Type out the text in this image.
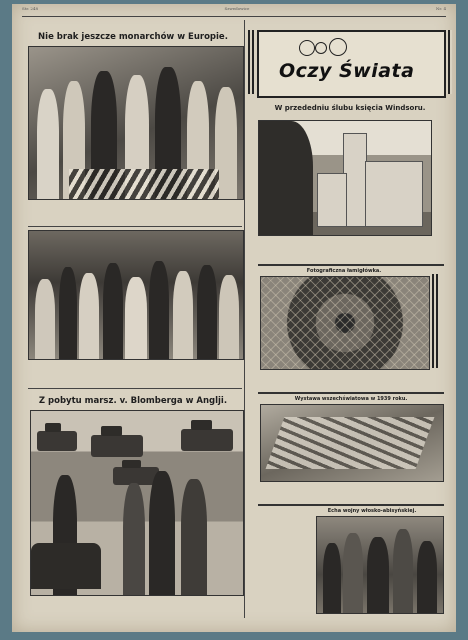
Str. 248	Szwedowice	Nr. 4
Nie brak jeszcze monarchów w Europie.
Z pobytu marsz. v. Blomberga w Anglji.
Oczy Świata
W przededniu ślubu księcia Windsoru.
Fotograficzna łamigłówka.
Wystawa wszechświatowa w 1939 roku.
Echa wojny włosko-abisyńskiej.
